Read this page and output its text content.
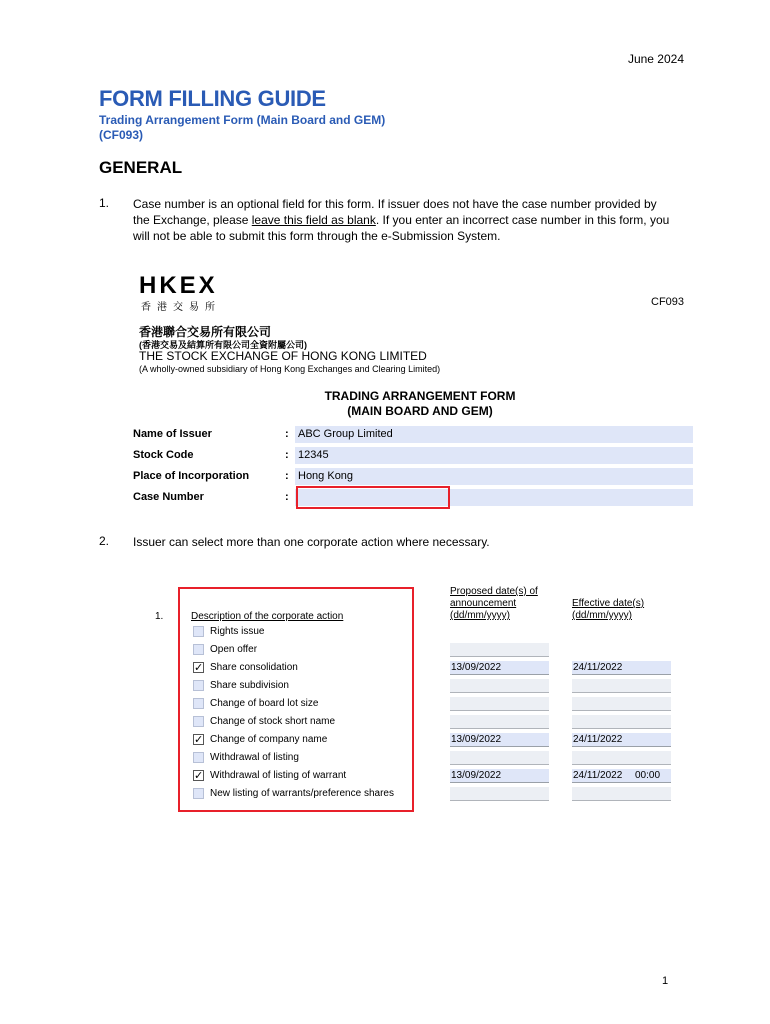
June 2024
FORM FILLING GUIDE
Trading Arrangement Form (Main Board and GEM)
(CF093)
GENERAL
1. Case number is an optional field for this form. If issuer does not have the case number provided by the Exchange, please leave this field as blank. If you enter an incorrect case number in this form, you will not be able to submit this form through the e-Submission System.
HKEX
香港交易所	CF093
香港聯合交易所有限公司
(香港交易及結算所有限公司全資附屬公司)
THE STOCK EXCHANGE OF HONG KONG LIMITED
(A wholly-owned subsidiary of Hong Kong Exchanges and Clearing Limited)
TRADING ARRANGEMENT FORM
(MAIN BOARD AND GEM)
Name of Issuer	: ABC Group Limited
Stock Code	: 12345
Place of Incorporation	: Hong Kong
Case Number	:
2. Issuer can select more than one corporate action where necessary.
1.	Description of the corporate action
Proposed date(s) of
announcement
(dd/mm/yyyy)
Effective date(s)
(dd/mm/yyyy)
Rights issue
Open offer
✓ Share consolidation	13/09/2022	24/11/2022
Share subdivision
Change of board lot size
Change of stock short name
✓ Change of company name	13/09/2022	24/11/2022
Withdrawal of listing
✓ Withdrawal of listing of warrant	13/09/2022	24/11/2022 00:00
New listing of warrants/preference shares
1
